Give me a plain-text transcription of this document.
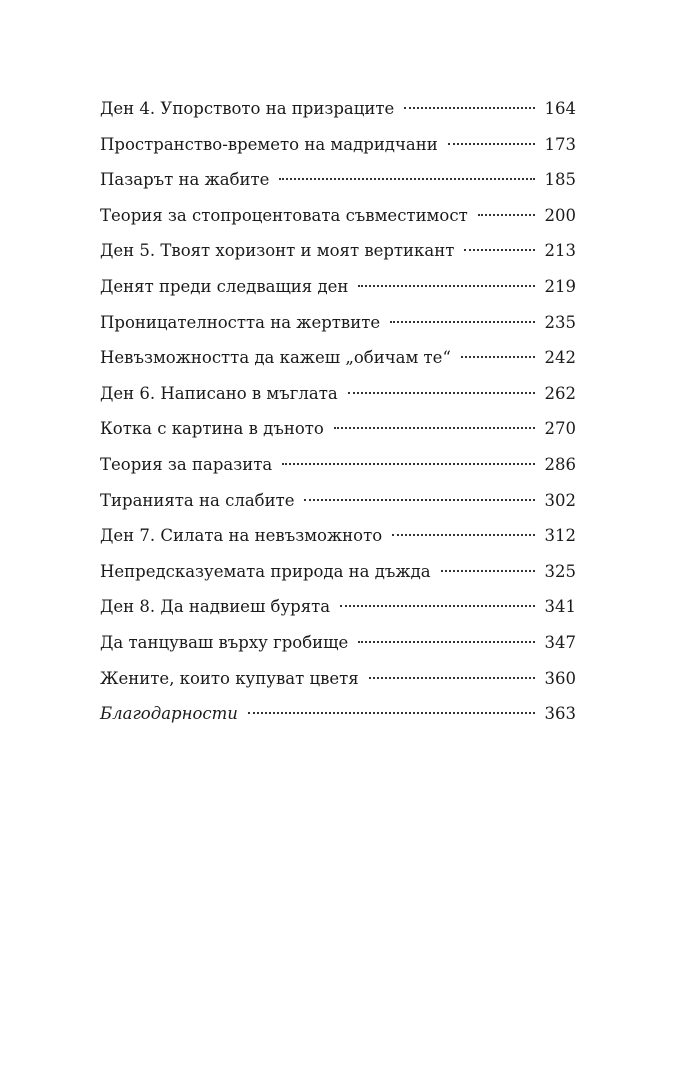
Ден 4. Упорството на призраците	164
Пространство-времето на мадридчани	173
Пазарът на жабите	185
Теория за стопроцентовата съвместимост	200
Ден 5. Твоят хоризонт и моят вертикант	213
Денят преди следващия ден	219
Проницателността на жертвите	235
Невъзможността да кажеш „обичам те“	242
Ден 6. Написано в мъглата	262
Котка с картина в дъното	270
Теория за паразита	286
Тиранията на слабите	302
Ден 7. Силата на невъзможното	312
Непредсказуемата природа на дъжда	325
Ден 8. Да надвиеш бурята	341
Да танцуваш върху гробище	347
Жените, които купуват цветя	360
Благодарности	363
